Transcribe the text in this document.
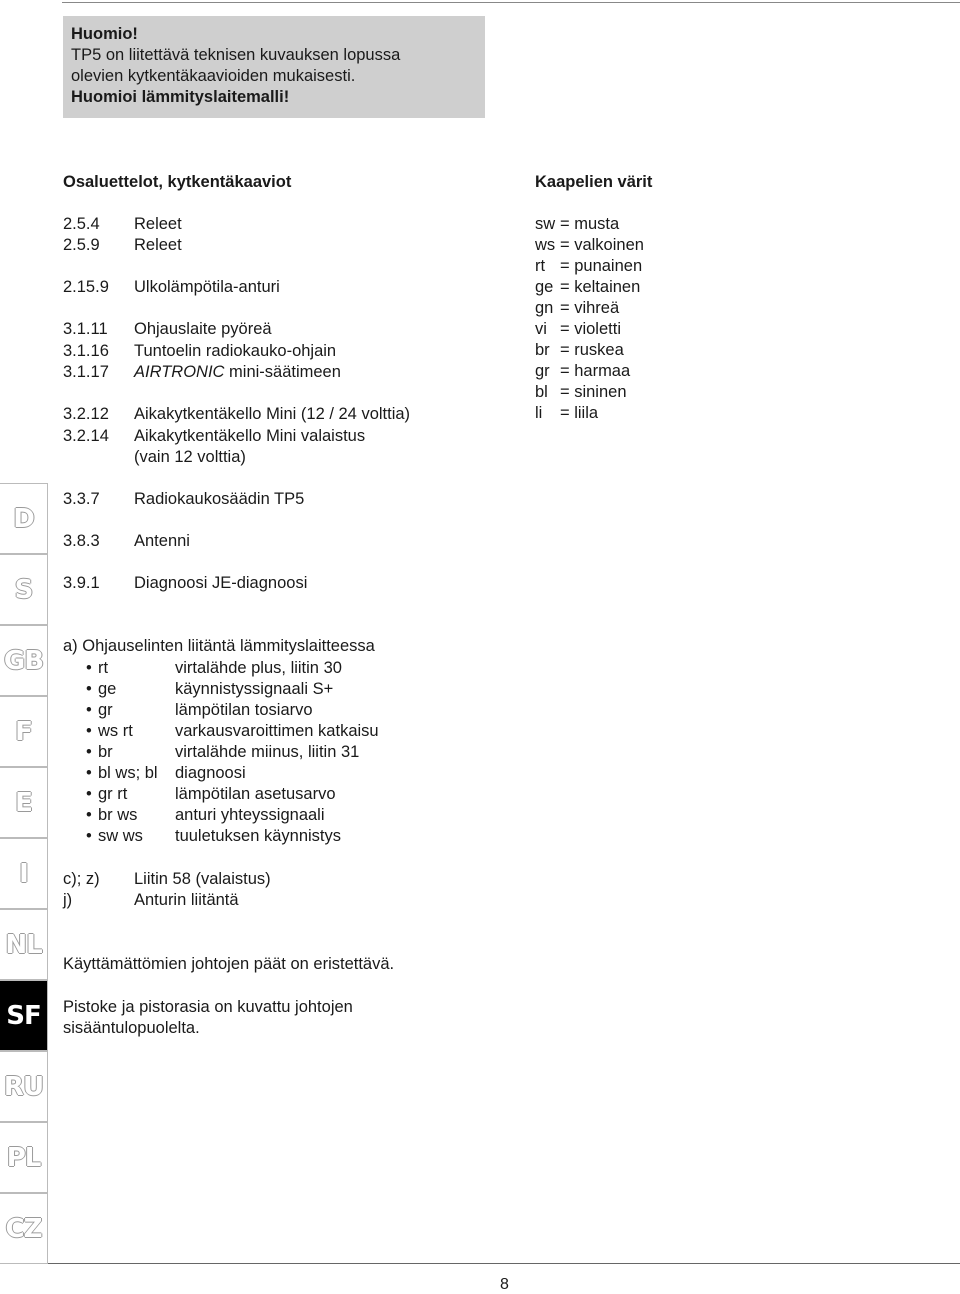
Huomio!
TP5 on liitettävä teknisen kuvauksen lopussa
olevien kytkentäkaavioiden mukaisesti.
Huomioi lämmityslaitemalli!
Osaluettelot, kytkentäkaaviot
2.5.4 Releet
2.5.9 Releet
2.15.9 Ulkolämpötila-anturi
3.1.11 Ohjauslaite pyöreä
3.1.16 Tuntoelin radiokauko-ohjain
3.1.17 AIRTRONIC mini-säätimeen
3.2.12 Aikakytkentäkello Mini (12 / 24 volttia)
3.2.14 Aikakytkentäkello Mini valaistus
(vain 12 volttia)
3.3.7 Radiokaukosäädin TP5
3.8.3 Antenni
3.9.1 Diagnoosi JE-diagnoosi
Kaapelien värit
sw = musta
ws = valkoinen
rt = punainen
ge = keltainen
gn = vihreä
vi = violetti
br = ruskea
gr = harmaa
bl = sininen
li = liila
a) Ohjauselinten liitäntä lämmityslaitteessa
• rt	virtalähde plus, liitin 30
• ge	käynnistyssignaali S+
• gr	lämpötilan tosiarvo
• ws rt	varkausvaroittimen katkaisu
• br	virtalähde miinus, liitin 31
• bl ws; bl diagnoosi
• gr rt	lämpötilan asetusarvo
• br ws anturi yhteyssignaali
• sw ws tuuletuksen käynnistys
c); z) Liitin 58 (valaistus)
j)	Anturin liitäntä
Käyttämättömien johtojen päät on eristettävä.
Pistoke ja pistorasia on kuvattu johtojen
sisääntulopuolelta.
D
S
GB
F
E
I
NL
SF
RU
PL
CZ
8
